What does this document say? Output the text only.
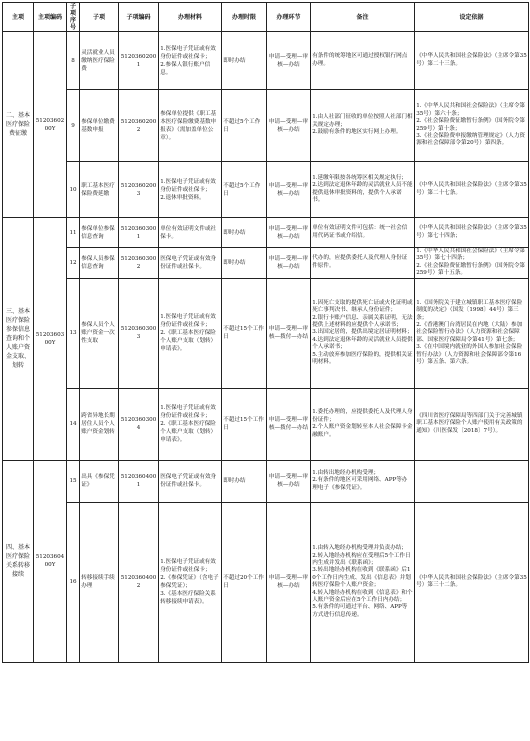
主项	主项编码	子项序号	子项	子项编码	办理材料	办理时限	办理环节	备注	设定依据
二、基本医疗保险费征缴	5120360200Y	8	灵活就业人员缴纳医疗保险费	51203602001	1.医保电子凭证或有效身份证件或社保卡；
2.参保人银行账户信息。	即时办结	申请—受理—审核—办结	有条件的统筹地区可通过授权银行网点办理。	《中华人民共和国社会保险法》（主席令第35号）第二十三条。

		9	参保单位缴费基数申报	51203602002	参保单位提供《职工基本医疗保险缴费基数申报表》（需加盖单位公章）。	不超过5个工作日	申请—受理—审核—办结	1.由人社部门征收的单位按照人社部门相关规定办理；
2.鼓励有条件的地区实行网上办理。	1.《中华人民共和国社会保险法》（主席令第35号）第六十条；
2.《社会保险费征缴暂行条例》（国务院令第259号）第十条；
3.《社会保险费申报缴纳管理规定》（人力资源和社会保障部令第20号）第四条。

		10	职工基本医疗保险费延缴	51203602003	1.医保电子凭证或有效身份证件或社保卡；
2.退休审批资料。	不超过5个工作日	申请—受理—审核—办结	1.延缴年限按各统筹区相关规定执行；
2.达到法定退休年龄的灵活就业人员不能提供退休审批资料的，提供个人承诺书。	《中华人民共和国社会保险法》（主席令第35号）第二十七条。

三、基本医疗保险参保信息查询和个人账户资金支取、划转	5120360300Y	11	参保单位参保信息查询	51203603001	单位有效证明文件或社保卡。	即时办结	申请—受理—审核—办结	单位有效证明文件可包括：统一社会信用代码证书或介绍信。	《中华人民共和国社会保险法》（主席令第35号）第七十四条；

		12	参保人员参保信息查询	51203603002	医保电子凭证或有效身份证件或社保卡。	即时办结	申请—受理—审核—办结	代办的，应提供委托人及代理人身份证件原件。	1.《中华人民共和国社会保险法》（主席令第35号）第七十四条；
2.《社会保险费征缴暂行条例》（国务院令第259号）第十五条。

		13	参保人员个人账户资金一次性支取	51203603003	1.医保电子凭证或有效身份证件或社保卡；
2.《职工基本医疗保险个人账户支取（划转）申请表》。	不超过15个工作日	申请—受理—审核—拨付—办结	1.因死亡支取的提供死亡证或火化证明或死亡事判决书、继承人身份证件；
2.银行卡账户信息、亲属关系证明，无法提供上述材料的应提供个人承诺书；
3.出国定居的，提供出境定居证明材料；
4.达到法定退休年龄的灵活就业人员提供个人承诺书；
5.主动放弃参加医疗保险的，提供相关证明材料。	1.《国务院关于建立城镇职工基本医疗保险制度的决定》（国发〔1998〕44号）第三条；
2.《香港澳门台湾居民在内地（大陆）参加社会保险暂行办法》（人力资源和社会保障部、国家医疗保障局令第41号）第七条；
3.《在中国境内就业的外国人参加社会保险暂行办法》（人力资源和社会保障部令第16号）第五条、第六条。

		14	跨省异地长期居住人员个人账户资金划转	51203603004	1.医保电子凭证或有效身份证件或社保卡；
2.《职工基本医疗保险个人账户支取（划转）申请表》。	不超过15个工作日	申请—受理—审核—拨付—办结	1.委托办理的，应提供委托人及代理人身份证件；
2.个人账户资金划转至本人社会保障卡金融账户。	《四川省医疗保障局等四部门关于完善城镇职工基本医疗保险个人账户使用有关政策的通知》（川医保发〔2018〕7号）。

四、基本医疗保险关系转移接续	5120360400Y	15	出具《参保凭证》	51203604001	医保电子凭证或有效身份证件或社保卡。	即时办结	申请—受理—审核—办结	1.由转出地经办机构受理；
2.有条件的地区可采用网络、APP等办理电子《参保凭证》。	

		16	转移接续手续办理	51203604002	1.医保电子凭证或有效身份证件或社保卡；
2.《参保凭证》（含电子参保凭证）；
3.《基本医疗保险关系转移接续申请表》。	不超过20个工作日	申请—受理—审核—办结	1.由转入地经办机构受理并负责办结；
2.转入地经办机构应在受理后5个工作日内生成并发出《联系函》；
3.转出地经办机构在收到《联系函》后10个工作日内生成、发出《信息表》并划转医疗保险个人账户资金；
4.转入地经办机构在收到《信息表》和个人账户资金后应在5个工作日内办结；
5.有条件的可通过平台、网络、APP等方式进行信息传递。	《中华人民共和国社会保险法》（主席令第35号）第三十二条。
